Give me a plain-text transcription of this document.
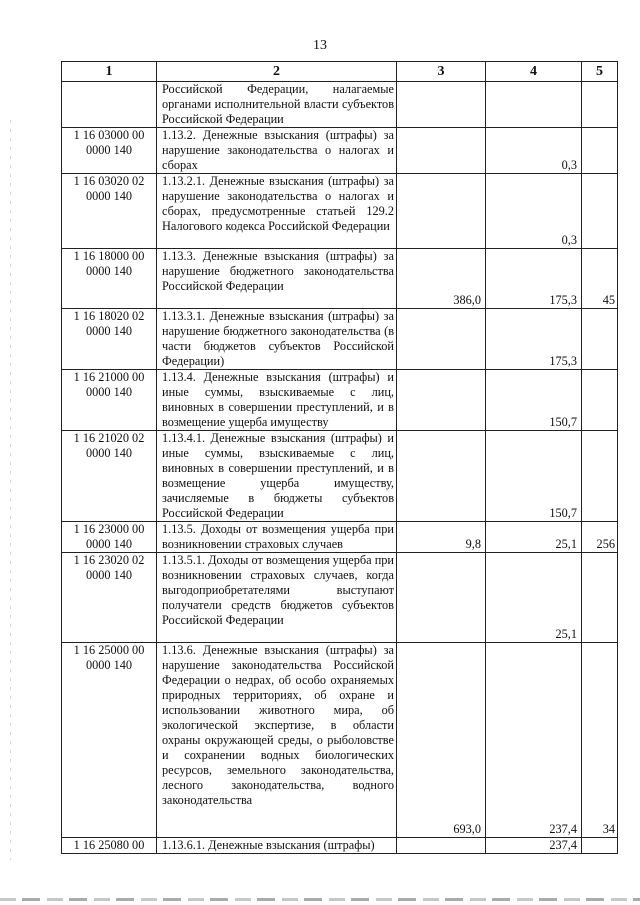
13
1	2	3	4	5

	Российской Федерации, налагаемые органами исполнительной власти субъектов Российской Федерации			

1 16 03000 00
0000 140	1.13.2. Денежные взыскания (штрафы) за нарушение законодательства о налогах и сборах		0,3	

1 16 03020 02
0000 140	1.13.2.1. Денежные взыскания (штрафы) за нарушение законодательства о налогах и сборах, предусмотренные статьей 129.2 Налогового кодекса Российской Федерации		0,3	

1 16 18000 00
0000 140	1.13.3. Денежные взыскания (штрафы) за нарушение бюджетного законодательства Российской Федерации	386,0	175,3	45

1 16 18020 02
0000 140	1.13.3.1. Денежные взыскания (штрафы) за нарушение бюджетного законодательства (в части бюджетов субъектов Российской Федерации)		175,3	

1 16 21000 00
0000 140	1.13.4. Денежные взыскания (штрафы) и иные суммы, взыскиваемые с лиц, виновных в совершении преступлений, и в возмещение ущерба имуществу		150,7	

1 16 21020 02
0000 140	1.13.4.1. Денежные взыскания (штрафы) и иные суммы, взыскиваемые с лиц, виновных в совершении преступлений, и в возмещение ущерба имуществу, зачисляемые в бюджеты субъектов Российской Федерации		150,7	

1 16 23000 00
0000 140	1.13.5. Доходы от возмещения ущерба при возникновении страховых случаев	9,8	25,1	256

1 16 23020 02
0000 140	1.13.5.1. Доходы от возмещения ущерба при возникновении страховых случаев, когда выгодоприобретателями выступают получатели средств бюджетов субъектов Российской Федерации		25,1	

1 16 25000 00
0000 140	1.13.6. Денежные взыскания (штрафы) за нарушение законодательства Российской Федерации о недрах, об особо охраняемых природных территориях, об охране и использовании животного мира, об экологической экспертизе, в области охраны окружающей среды, о рыболовстве и сохранении водных биологических ресурсов, земельного законодательства, лесного законодательства, водного законодательства	693,0	237,4	34

1 16 25080 00	1.13.6.1. Денежные взыскания (штрафы)		237,4	
